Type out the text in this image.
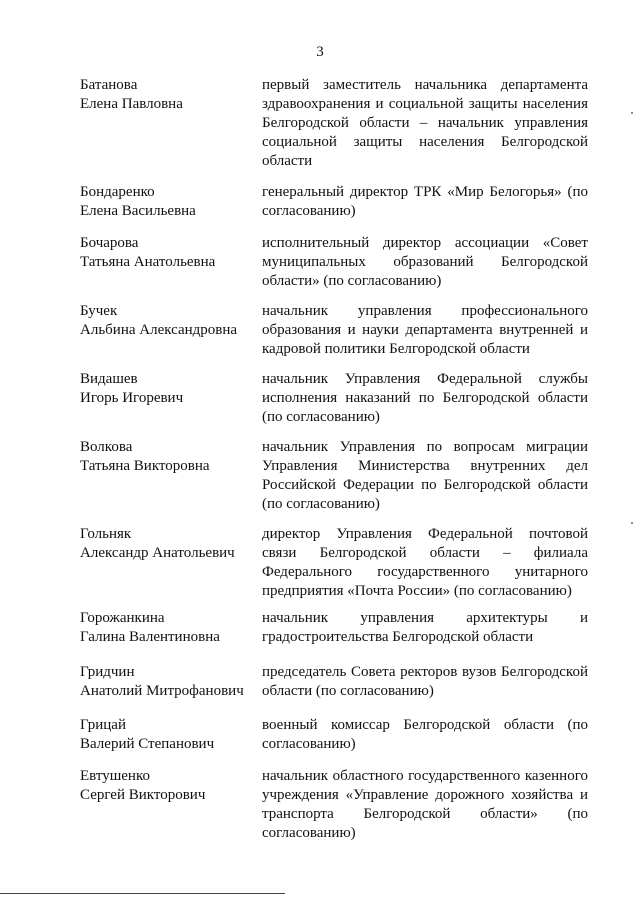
3
Батанова
Елена Павловна
первый заместитель начальника департамента здравоохранения и социальной защиты населения Белгородской области – начальник управления социальной защиты населения Белгородской области
Бондаренко
Елена Васильевна
генеральный директор ТРК «Мир Белогорья» (по согласованию)
Бочарова
Татьяна Анатольевна
исполнительный директор ассоциации «Совет муниципальных образований Белгородской области» (по согласованию)
Бучек
Альбина Александровна
начальник управления профессионального образования и науки департамента внутренней и кадровой политики Белгородской области
Видашев
Игорь Игоревич
начальник Управления Федеральной службы исполнения наказаний по Белгородской области (по согласованию)
Волкова
Татьяна Викторовна
начальник Управления по вопросам миграции Управления Министерства внутренних дел Российской Федерации по Белгородской области (по согласованию)
Гольняк
Александр Анатольевич
директор Управления Федеральной почтовой связи Белгородской области – филиала Федерального государственного унитарного предприятия «Почта России» (по согласованию)
Горожанкина
Галина Валентиновна
начальник управления архитектуры и градостроительства Белгородской области
Гридчин
Анатолий Митрофанович
председатель Совета ректоров вузов Белгородской области (по согласованию)
Грицай
Валерий Степанович
военный комиссар Белгородской области (по согласованию)
Евтушенко
Сергей Викторович
начальник областного государственного казенного учреждения «Управление дорожного хозяйства и транспорта Белгородской области» (по согласованию)
